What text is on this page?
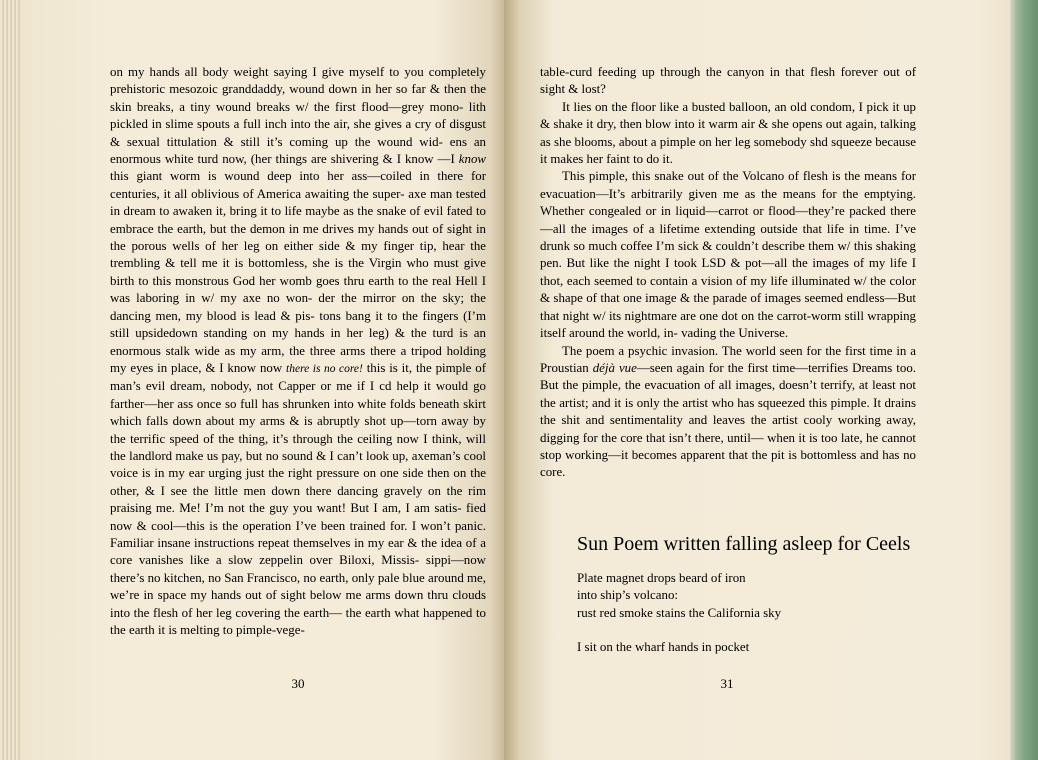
on my hands all body weight saying I give myself to you completely prehistoric mesozoic granddaddy, wound down in her so far & then the skin breaks, a tiny wound breaks w/ the first flood—grey mono- lith pickled in slime spouts a full inch into the air, she gives a cry of disgust & sexual tittulation & still it’s coming up the wound wid- ens an enormous white turd now, (her things are shivering & I know —I know this giant worm is wound deep into her ass—coiled in there for centuries, it all oblivious of America awaiting the super- axe man tested in dream to awaken it, bring it to life maybe as the snake of evil fated to embrace the earth, but the demon in me drives my hands out of sight in the porous wells of her leg on either side & my finger tip, hear the trembling & tell me it is bottomless, she is the Virgin who must give birth to this monstrous God her womb goes thru earth to the real Hell I was laboring in w/ my axe no won- der the mirror on the sky; the dancing men, my blood is lead & pis- tons bang it to the fingers (I’m still upsidedown standing on my hands in her leg) & the turd is an enormous stalk wide as my arm, the three arms there a tripod holding my eyes in place, & I know now there is no core! this is it, the pimple of man’s evil dream, nobody, not Capper or me if I cd help it would go farther—her ass once so full has shrunken into white folds beneath skirt which falls down about my arms & is abruptly shot up—torn away by the terrific speed of the thing, it’s through the ceiling now I think, will the landlord make us pay, but no sound & I can’t look up, axeman’s cool voice is in my ear urging just the right pressure on one side then on the other, & I see the little men down there dancing gravely on the rim praising me. Me! I’m not the guy you want! But I am, I am satis- fied now & cool—this is the operation I’ve been trained for. I won’t panic. Familiar insane instructions repeat themselves in my ear & the idea of a core vanishes like a slow zeppelin over Biloxi, Missis- sippi—now there’s no kitchen, no San Francisco, no earth, only pale blue around me, we’re in space my hands out of sight below me arms down thru clouds into the flesh of her leg covering the earth— the earth what happened to the earth it is melting to pimple-vege-

30

table-curd feeding up through the canyon in that flesh forever out of sight & lost?

It lies on the floor like a busted balloon, an old condom, I pick it up & shake it dry, then blow into it warm air & she opens out again, talking as she blooms, about a pimple on her leg somebody shd squeeze because it makes her faint to do it.

This pimple, this snake out of the Volcano of flesh is the means for evacuation—It’s arbitrarily given me as the means for the emptying. Whether congealed or in liquid—carrot or flood—they’re packed there—all the images of a lifetime extending outside that life in time. I’ve drunk so much coffee I’m sick & couldn’t describe them w/ this shaking pen. But like the night I took LSD & pot—all the images of my life I thot, each seemed to contain a vision of my life illuminated w/ the color & shape of that one image & the parade of images seemed endless—But that night w/ its nightmare are one dot on the carrot-worm still wrapping itself around the world, in- vading the Universe.

The poem a psychic invasion. The world seen for the first time in a Proustian déjà vue—seen again for the first time—terrifies Dreams too. But the pimple, the evacuation of all images, doesn’t terrify, at least not the artist; and it is only the artist who has squeezed this pimple. It drains the shit and sentimentality and leaves the artist cooly working away, digging for the core that isn’t there, until— when it is too late, he cannot stop working—it becomes apparent that the pit is bottomless and has no core.

Sun Poem written falling asleep for Ceels
Plate magnet drops beard of iron
into ship’s volcano:
rust red smoke stains the California sky
I sit on the wharf hands in pocket
31
